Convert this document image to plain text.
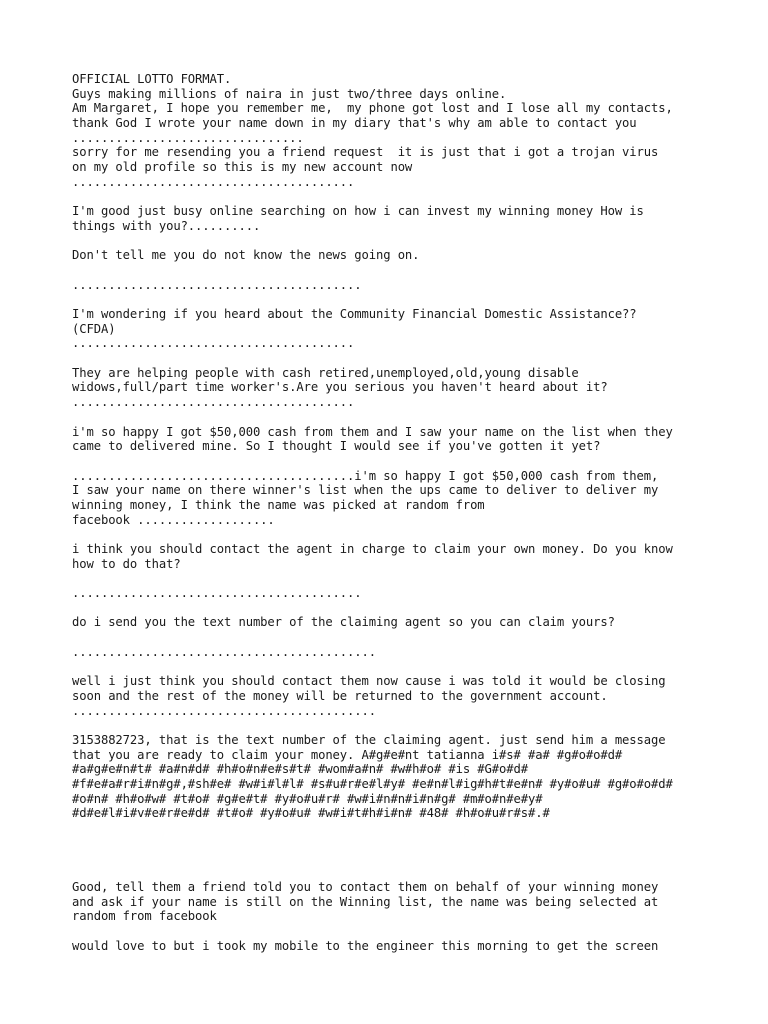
OFFICIAL LOTTO FORMAT.
Guys making millions of naira in just two/three days online.
Am Margaret, I hope you remember me,  my phone got lost and I lose all my contacts,
thank God I wrote your name down in my diary that's why am able to contact you
................................
sorry for me resending you a friend request  it is just that i got a trojan virus
on my old profile so this is my new account now
.......................................
I'm good just busy online searching on how i can invest my winning money How is
things with you?..........
Don't tell me you do not know the news going on.
........................................
I'm wondering if you heard about the Community Financial Domestic Assistance??
(CFDA)
.......................................
They are helping people with cash retired,unemployed,old,young disable
widows,full/part time worker's.Are you serious you haven't heard about it?
.......................................
i'm so happy I got $50,000 cash from them and I saw your name on the list when they
came to delivered mine. So I thought I would see if you've gotten it yet?
.......................................i'm so happy I got $50,000 cash from them,
I saw your name on there winner's list when the ups came to deliver to deliver my
winning money, I think the name was picked at random from
facebook ...................
i think you should contact the agent in charge to claim your own money. Do you know
how to do that?
........................................
do i send you the text number of the claiming agent so you can claim yours?
..........................................
well i just think you should contact them now cause i was told it would be closing
soon and the rest of the money will be returned to the government account.
..........................................
3153882723, that is the text number of the claiming agent. just send him a message
that you are ready to claim your money. A#g#e#nt tatianna i#s# #a# #g#o#o#d#
#a#g#e#n#t# #a#n#d# #h#o#n#e#s#t# #wom#a#n# #w#h#o# #is #G#o#d#
#f#e#a#r#i#n#g#,#sh#e# #w#i#l#l# #s#u#r#e#l#y# #e#n#l#ig#h#t#e#n# #y#o#u# #g#o#o#d#
#o#n# #h#o#w# #t#o# #g#e#t# #y#o#u#r# #w#i#n#n#i#n#g# #m#o#n#e#y#
#d#e#l#i#v#e#r#e#d# #t#o# #y#o#u# #w#i#t#h#i#n# #48# #h#o#u#r#s#.#
Good, tell them a friend told you to contact them on behalf of your winning money
and ask if your name is still on the Winning list, the name was being selected at
random from facebook
would love to but i took my mobile to the engineer this morning to get the screen
